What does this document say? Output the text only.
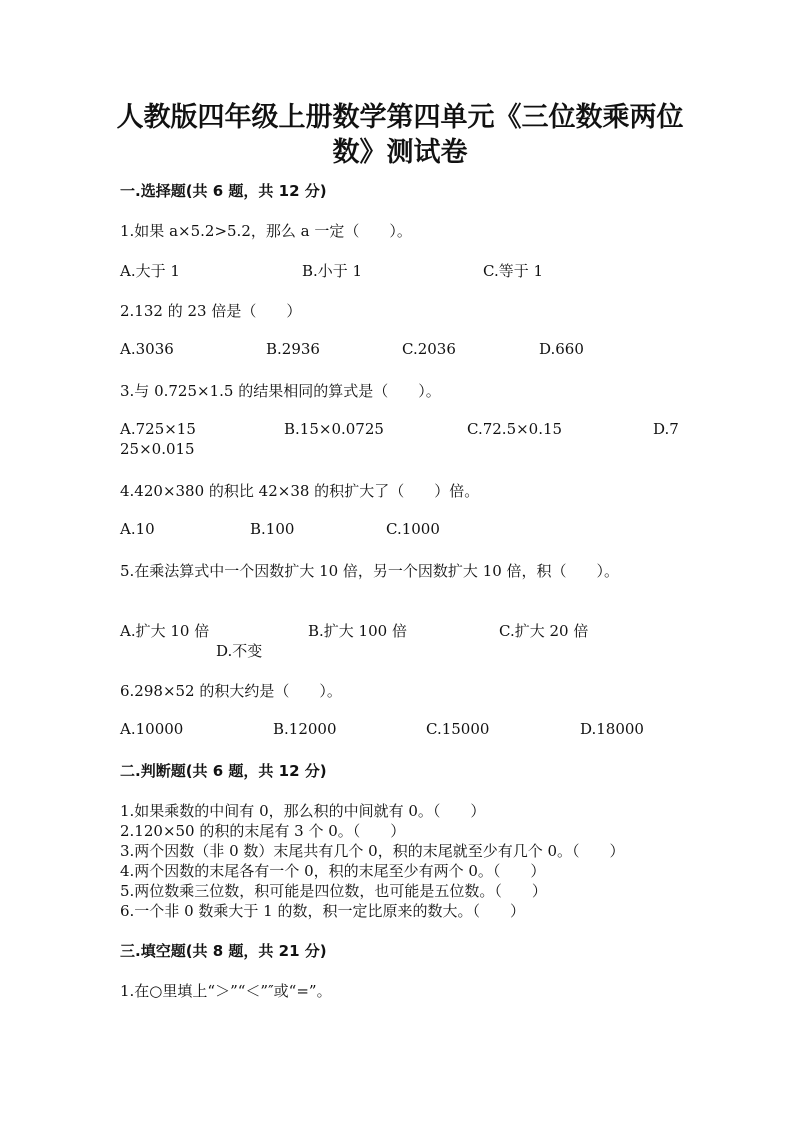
人教版四年级上册数学第四单元《三位数乘两位
数》测试卷
一.选择题(共 6 题，共 12 分)
1.如果 a×5.2>5.2，那么 a 一定（　　）。
A.大于 1	B.小于 1	C.等于 1
2.132 的 23 倍是（　　）
A.3036	B.2936	C.2036	D.660
3.与 0.725×1.5 的结果相同的算式是（　　）。
A.725×15	B.15×0.0725	C.72.5×0.15	D.7
25×0.015
4.420×380 的积比 42×38 的积扩大了（　　）倍。
A.10	B.100	C.1000
5.在乘法算式中一个因数扩大 10 倍，另一个因数扩大 10 倍，积（　　）。
A.扩大 10 倍	B.扩大 100 倍	C.扩大 20 倍
D.不变
6.298×52 的积大约是（　　）。
A.10000	B.12000	C.15000	D.18000
二.判断题(共 6 题，共 12 分)
1.如果乘数的中间有 0，那么积的中间就有 0。（　　）
2.120×50 的积的末尾有 3 个 0。（　　）
3.两个因数（非 0 数）末尾共有几个 0，积的末尾就至少有几个 0。（　　）
4.两个因数的末尾各有一个 0，积的末尾至少有两个 0。（　　）
5.两位数乘三位数，积可能是四位数，也可能是五位数。（　　）
6.一个非 0 数乘大于 1 的数，积一定比原来的数大。（　　）
三.填空题(共 8 题，共 21 分)
1.在○里填上“＞”“＜”″或“=”。
